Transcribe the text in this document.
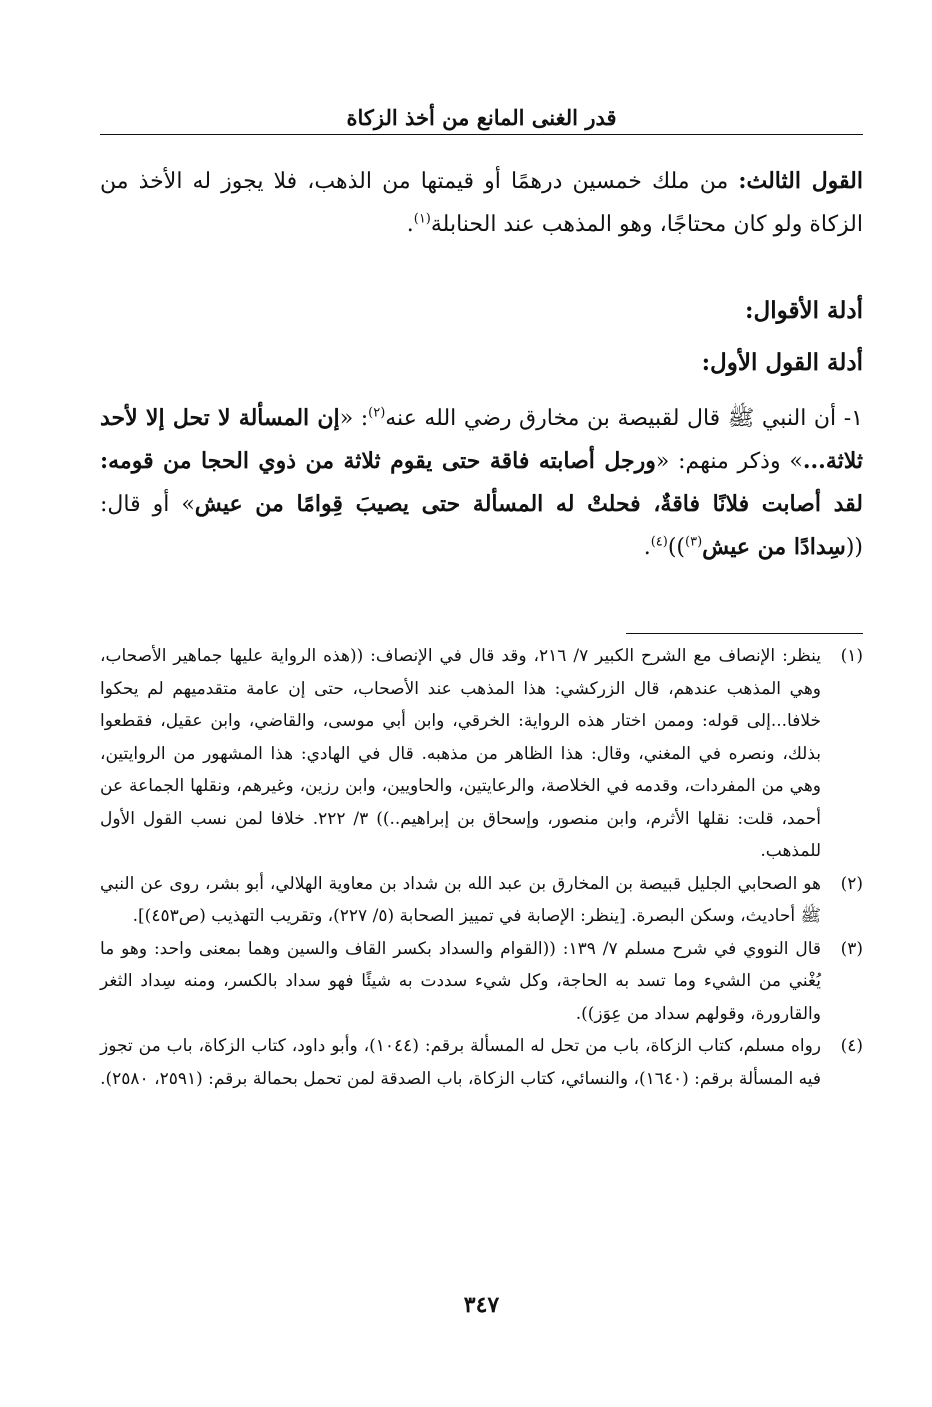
قدر الغنى المانع من أخذ الزكاة

القول الثالث: من ملك خمسين درهمًا أو قيمتها من الذهب، فلا يجوز له الأخذ من الزكاة ولو كان محتاجًا، وهو المذهب عند الحنابلة$^{(١)}$.

أدلة الأقوال:

أدلة القول الأول:

١- أن النبي ﷺ قال لقبيصة بن مخارق رضي الله عنه$^{(٢)}$: «إن المسألة لا تحل إلا لأحد ثلاثة...» وذكر منهم: «ورجل أصابته فاقة حتى يقوم ثلاثة من ذوي الحجا من قومه: لقد أصابت فلانًا فاقةٌ، فحلتْ له المسألة حتى يصيبَ قِوامًا من عيش» أو قال: ((سِدادًا من عيش$^{(٣)}$))$^{(٤)}$.

(١)
ينظر: الإنصاف مع الشرح الكبير ٧/ ٢١٦، وقد قال في الإنصاف: ((هذه الرواية عليها جماهير الأصحاب، وهي المذهب عندهم، قال الزركشي: هذا المذهب عند الأصحاب، حتى إن عامة متقدميهم لم يحكوا خلافا...إلى قوله: وممن اختار هذه الرواية: الخرقي، وابن أبي موسى، والقاضي، وابن عقيل، فقطعوا بذلك، ونصره في المغني، وقال: هذا الظاهر من مذهبه. قال في الهادي: هذا المشهور من الروايتين، وهي من المفردات، وقدمه في الخلاصة، والرعايتين، والحاويين، وابن رزين، وغيرهم، ونقلها الجماعة عن أحمد، قلت: نقلها الأثرم، وابن منصور، وإسحاق بن إبراهيم..)) ٣/ ٢٢٢. خلافا لمن نسب القول الأول للمذهب.
(٢)
هو الصحابي الجليل قبيصة بن المخارق بن عبد الله بن شداد بن معاوية الهلالي، أبو بشر، روى عن النبي ﷺ أحاديث، وسكن البصرة. [ينظر: الإصابة في تمييز الصحابة (٥/ ٢٢٧)، وتقريب التهذيب (ص٤٥٣)].
(٣)
قال النووي في شرح مسلم ٧/ ١٣٩: ((القوام والسداد بكسر القاف والسين وهما بمعنى واحد: وهو ما يُغْني من الشيء وما تسد به الحاجة، وكل شيء سددت به شيئًا فهو سداد بالكسر، ومنه سِداد الثغر والقارورة، وقولهم سداد من عِوَز)).
(٤)
رواه مسلم، كتاب الزكاة، باب من تحل له المسألة برقم: (١٠٤٤)، وأبو داود، كتاب الزكاة، باب من تجوز فيه المسألة برقم: (١٦٤٠)، والنسائي، كتاب الزكاة، باب الصدقة لمن تحمل بحمالة برقم: (٢٥٩١، ٢٥٨٠).
٣٤٧
